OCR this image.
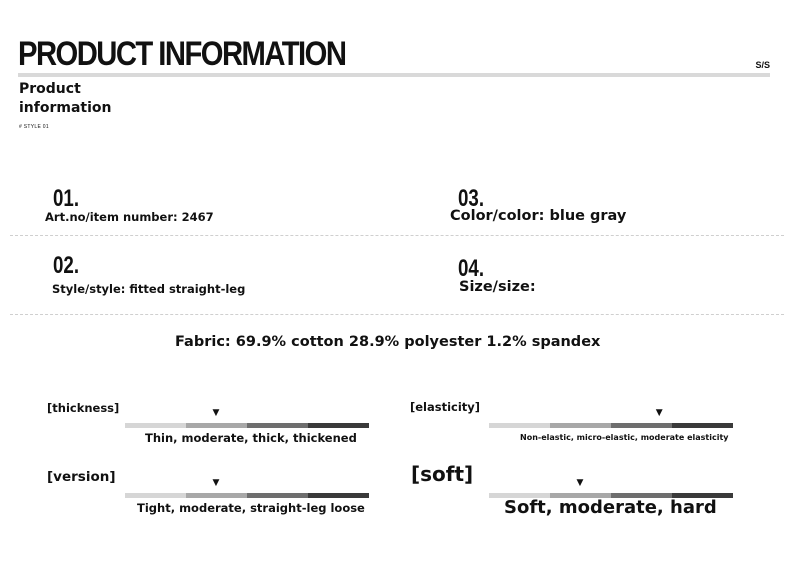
PRODUCT INFORMATION	S/S
Product
information
# STYLE 01
01.
Art.no/item number: 2467
03.
Color/color: blue gray
02.
Style/style: fitted straight-leg
04.
Size/size:
Fabric: 69.9% cotton 28.9% polyester 1.2% spandex
[thickness]	▼
Thin, moderate, thick, thickened
[elasticity]	▼
Non-elastic, micro-elastic, moderate elasticity
[version]	▼
Tight, moderate, straight-leg loose
[soft]	▼
Soft, moderate, hard
